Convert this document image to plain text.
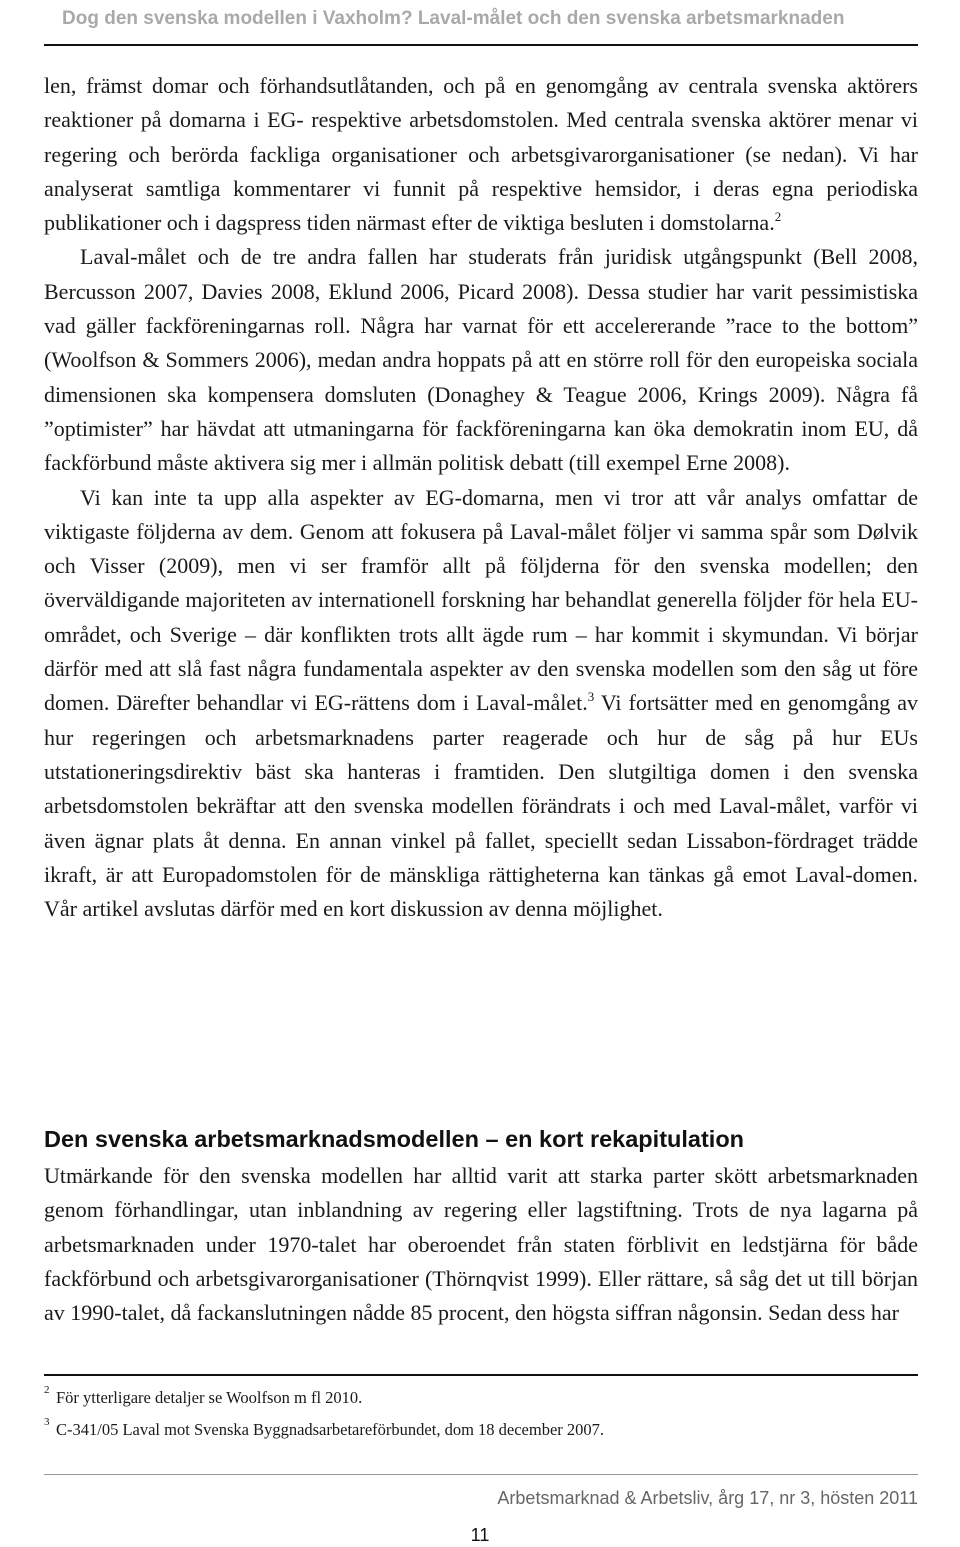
Dog den svenska modellen i Vaxholm? Laval-målet och den svenska arbetsmarknaden

len, främst domar och förhandsutlåtanden, och på en genomgång av centrala svenska aktörers reaktioner på domarna i EG- respektive arbetsdomstolen. Med centrala svenska aktörer menar vi regering och berörda fackliga organisationer och arbetsgivarorganisationer (se nedan). Vi har analyserat samtliga kommentarer vi funnit på respektive hemsidor, i deras egna periodiska publikationer och i dagspress tiden närmast efter de viktiga besluten i domstolarna.$^2$

Laval-målet och de tre andra fallen har studerats från juridisk utgångspunkt (Bell 2008, Bercusson 2007, Davies 2008, Eklund 2006, Picard 2008). Dessa studier har varit pessimistiska vad gäller fackföreningarnas roll. Några har varnat för ett accelererande ”race to the bottom” (Woolfson & Sommers 2006), medan andra hoppats på att en större roll för den europeiska sociala dimensionen ska kompensera domsluten (Donaghey & Teague 2006, Krings 2009). Några få ”optimister” har hävdat att utmaningarna för fackföreningarna kan öka demokratin inom EU, då fackförbund måste aktivera sig mer i allmän politisk debatt (till exempel Erne 2008).

Vi kan inte ta upp alla aspekter av EG-domarna, men vi tror att vår analys omfattar de viktigaste följderna av dem. Genom att fokusera på Laval-målet följer vi samma spår som Dølvik och Visser (2009), men vi ser framför allt på följderna för den svenska modellen; den överväldigande majoriteten av internationell forskning har behandlat generella följder för hela EU-området, och Sverige – där konflikten trots allt ägde rum – har kommit i skymundan. Vi börjar därför med att slå fast några fundamentala aspekter av den svenska modellen som den såg ut före domen. Därefter behandlar vi EG-rättens dom i Laval-målet.$^3$ Vi fortsätter med en genomgång av hur regeringen och arbetsmarknadens parter reagerade och hur de såg på hur EUs utstationeringsdirektiv bäst ska hanteras i framtiden. Den slutgiltiga domen i den svenska arbetsdomstolen bekräftar att den svenska modellen förändrats i och med Laval-målet, varför vi även ägnar plats åt denna. En annan vinkel på fallet, speciellt sedan Lissabon-fördraget trädde ikraft, är att Europadomstolen för de mänskliga rättigheterna kan tänkas gå emot Laval-domen. Vår artikel avslutas därför med en kort diskussion av denna möjlighet.

Den svenska arbetsmarknadsmodellen – en kort rekapitulation

Utmärkande för den svenska modellen har alltid varit att starka parter skött arbetsmarknaden genom förhandlingar, utan inblandning av regering eller lagstiftning. Trots de nya lagarna på arbetsmarknaden under 1970-talet har oberoendet från staten förblivit en ledstjärna för både fackförbund och arbetsgivarorganisationer (Thörnqvist 1999). Eller rättare, så såg det ut till början av 1990-talet, då fackanslutningen nådde 85 procent, den högsta siffran någonsin. Sedan dess har

2 För ytterligare detaljer se Woolfson m fl 2010.
3 C-341/05 Laval mot Svenska Byggnadsarbetareförbundet, dom 18 december 2007.
Arbetsmarknad & Arbetsliv, årg 17, nr 3, hösten 2011
11
